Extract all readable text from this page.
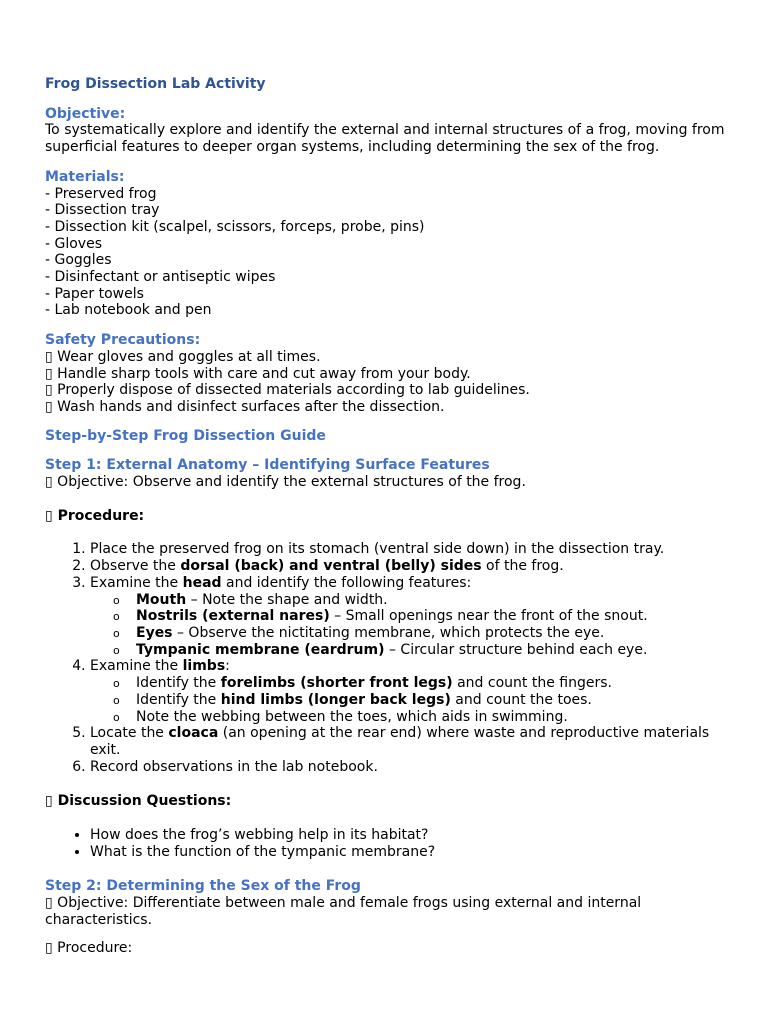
Frog Dissection Lab Activity

Objective:

To systematically explore and identify the external and internal structures of a frog, moving from superficial features to deeper organ systems, including determining the sex of the frog.

Materials:

- Preserved frog

- Dissection tray

- Dissection kit (scalpel, scissors, forceps, probe, pins)

- Gloves

- Goggles

- Disinfectant or antiseptic wipes

- Paper towels

- Lab notebook and pen

Safety Precautions:

▯ Wear gloves and goggles at all times.

▯ Handle sharp tools with care and cut away from your body.

▯ Properly dispose of dissected materials according to lab guidelines.

▯ Wash hands and disinfect surfaces after the dissection.

Step-by-Step Frog Dissection Guide

Step 1: External Anatomy – Identifying Surface Features

▯ Objective: Observe and identify the external structures of the frog.

▯ Procedure:

1. Place the preserved frog on its stomach (ventral side down) in the dissection tray.
2. Observe the dorsal (back) and ventral (belly) sides of the frog.
3. Examine the head and identify the following features:
o Mouth – Note the shape and width.
o Nostrils (external nares) – Small openings near the front of the snout.
o Eyes – Observe the nictitating membrane, which protects the eye.
o Tympanic membrane (eardrum) – Circular structure behind each eye.
4. Examine the limbs:
o Identify the forelimbs (shorter front legs) and count the fingers.
o Identify the hind limbs (longer back legs) and count the toes.
o Note the webbing between the toes, which aids in swimming.
5. Locate the cloaca (an opening at the rear end) where waste and reproductive materials exit.
6. Record observations in the lab notebook.

▯ Discussion Questions:

• How does the frog’s webbing help in its habitat?
• What is the function of the tympanic membrane?

Step 2: Determining the Sex of the Frog

▯ Objective: Differentiate between male and female frogs using external and internal characteristics.

▯ Procedure:
